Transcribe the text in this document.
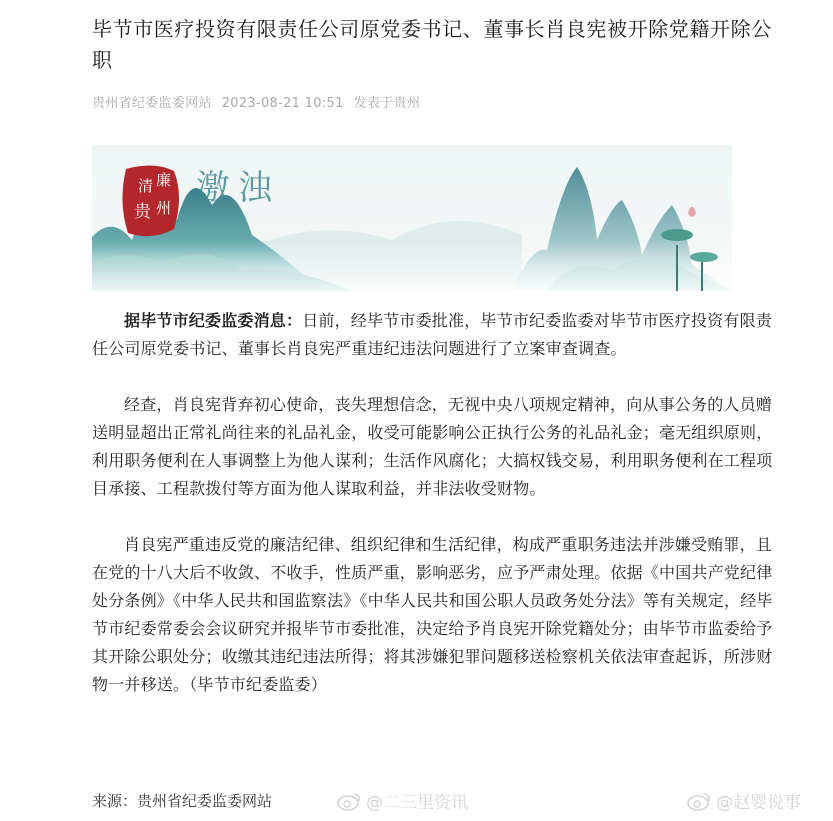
毕节市医疗投资有限责任公司原党委书记、董事长肖良宪被开除党籍开除公职
贵州省纪委监委网站 2023-08-21 10:51 发表于贵州
清 廉
贵 州 激浊

据毕节市纪委监委消息：日前，经毕节市委批准，毕节市纪委监委对毕节市医疗投资有限责任公司原党委书记、董事长肖良宪严重违纪违法问题进行了立案审查调查。

经查，肖良宪背弃初心使命，丧失理想信念，无视中央八项规定精神，向从事公务的人员赠送明显超出正常礼尚往来的礼品礼金，收受可能影响公正执行公务的礼品礼金；毫无组织原则，利用职务便利在人事调整上为他人谋利；生活作风腐化；大搞权钱交易，利用职务便利在工程项目承接、工程款拨付等方面为他人谋取利益，并非法收受财物。

肖良宪严重违反党的廉洁纪律、组织纪律和生活纪律，构成严重职务违法并涉嫌受贿罪，且在党的十八大后不收敛、不收手，性质严重，影响恶劣，应予严肃处理。依据《中国共产党纪律处分条例》《中华人民共和国监察法》《中华人民共和国公职人员政务处分法》等有关规定，经毕节市纪委常委会会议研究并报毕节市委批准，决定给予肖良宪开除党籍处分；由毕节市监委给予其开除公职处分；收缴其违纪违法所得；将其涉嫌犯罪问题移送检察机关依法审查起诉，所涉财物一并移送。（毕节市纪委监委）

来源：贵州省纪委监委网站	@二三里资讯	@赵婴说事
